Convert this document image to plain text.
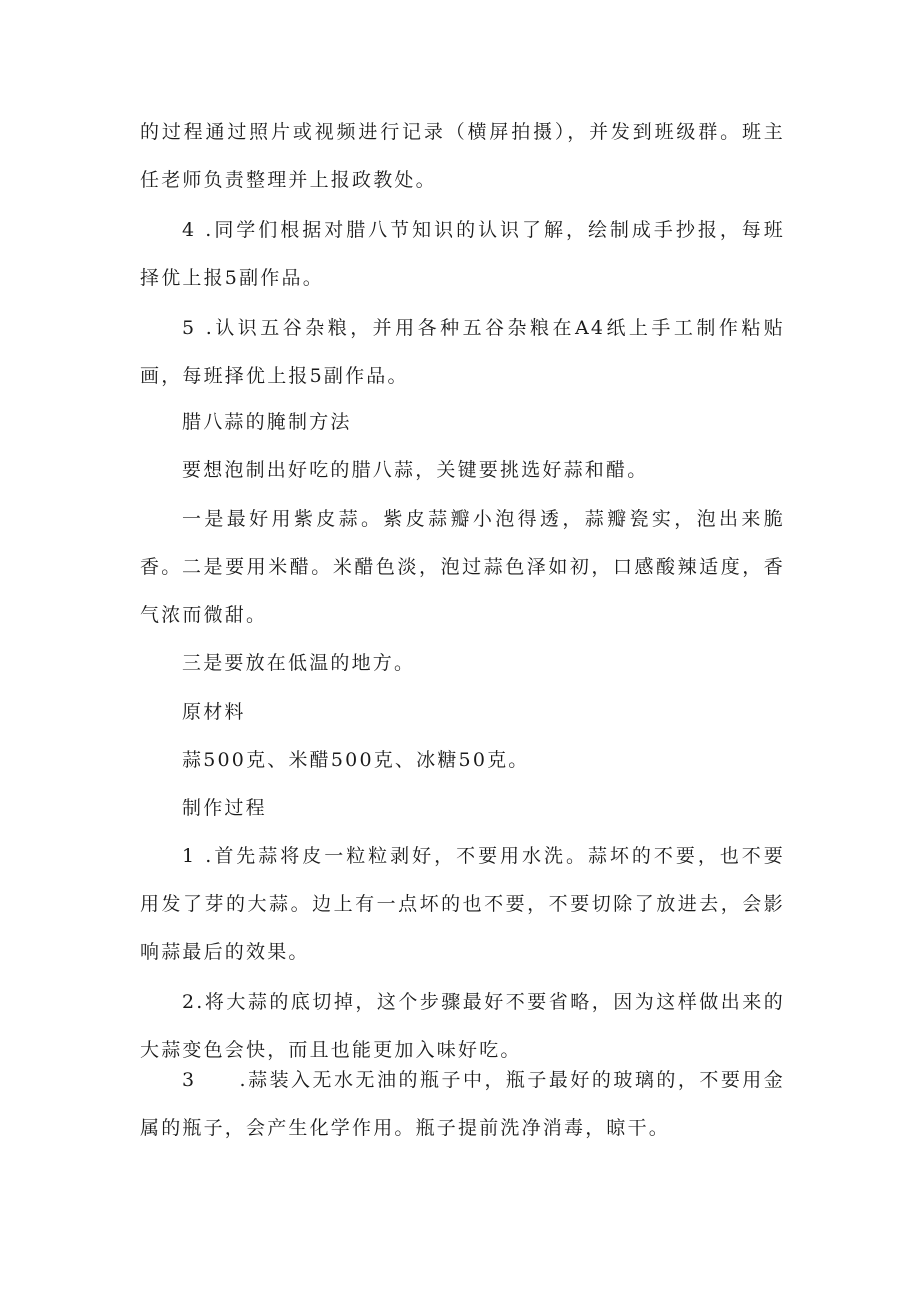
的过程通过照片或视频进行记录（横屏拍摄），并发到班级群。班主任老师负责整理并上报政教处。

4 .同学们根据对腊八节知识的认识了解，绘制成手抄报，每班择优上报5副作品。

5 .认识五谷杂粮，并用各种五谷杂粮在A4纸上手工制作粘贴画，每班择优上报5副作品。

腊八蒜的腌制方法

要想泡制出好吃的腊八蒜，关键要挑选好蒜和醋。

一是最好用紫皮蒜。紫皮蒜瓣小泡得透，蒜瓣瓷实，泡出来脆香。 二是要用米醋。米醋色淡，泡过蒜色泽如初，口感酸辣适度，香气浓而微甜。

三是要放在低温的地方。

原材料

蒜500克、米醋500克、冰糖50克。

制作过程

1 .首先蒜将皮一粒粒剥好，不要用水洗。蒜坏的不要，也不要用发了芽的大蒜。边上有一点坏的也不要，不要切除了放进去，会影响蒜最后的效果。

2.将大蒜的底切掉，这个步骤最好不要省略，因为这样做出来的大蒜变色会快，而且也能更加入味好吃。

3　　.蒜装入无水无油的瓶子中，瓶子最好的玻璃的，不要用金属的瓶子，会产生化学作用。瓶子提前洗净消毒，晾干。
